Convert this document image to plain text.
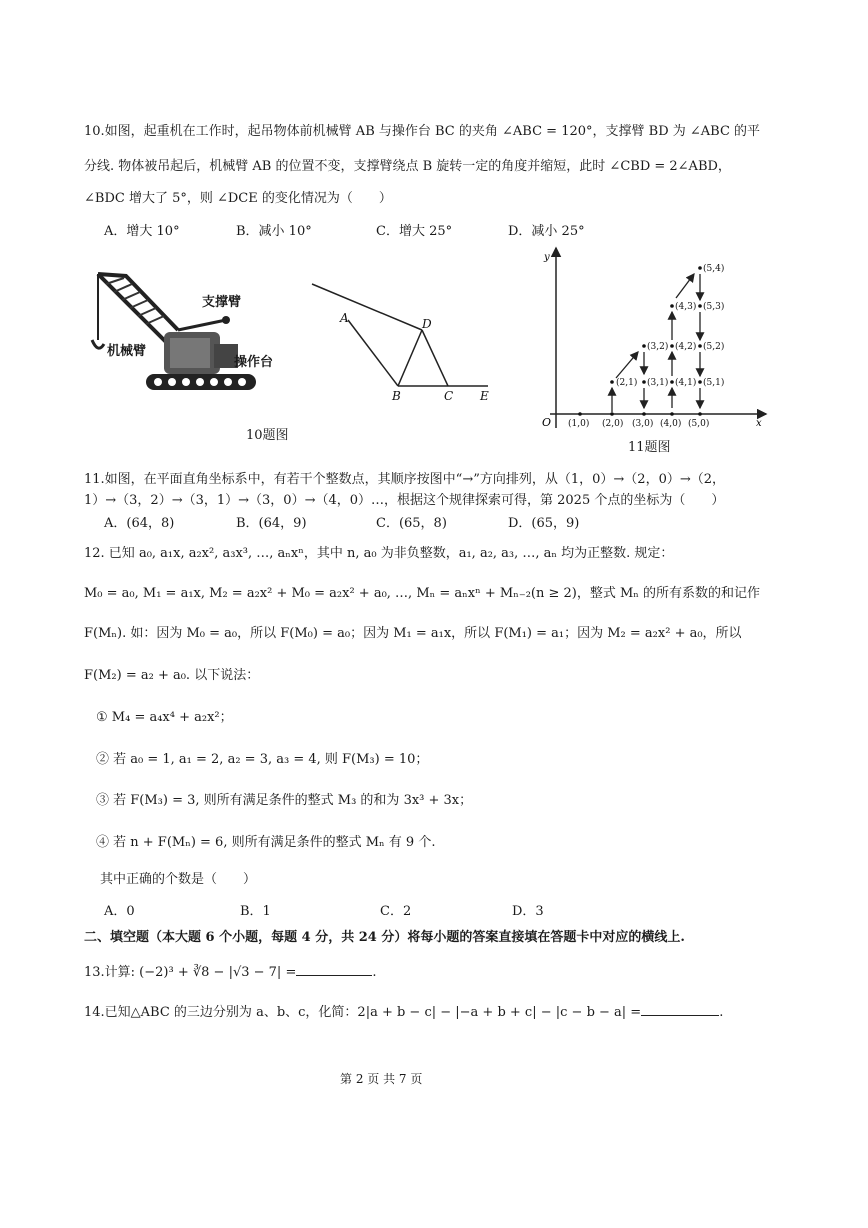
10.如图，起重机在工作时，起吊物体前机械臂 AB 与操作台 BC 的夹角 ∠ABC = 120°，支撑臂 BD 为 ∠ABC 的平
分线. 物体被吊起后，机械臂 AB 的位置不变，支撑臂绕点 B 旋转一定的角度并缩短，此时 ∠CBD = 2∠ABD，
∠BDC 增大了 5°，则 ∠DCE 的变化情况为（　　）
A．增大 10°	B．减小 10°	C．增大 25°	D．减小 25°
支撑臂
机械臂
操作台
A	D
B	C E
10题图
y
x
O (1,0) (2,0) (3,0) (4,0) (5,0)
(2,1) (3,1) (4,1) (5,1)
(3,2) (4,2) (5,2)
(4,3) (5,3)
(5,4)
11题图
11.如图，在平面直角坐标系中，有若干个整数点，其顺序按图中“→”方向排列，从（1，0）→（2，0）→（2，
1）→（3，2）→（3，1）→（3，0）→（4，0）…，根据这个规律探索可得，第 2025 个点的坐标为（　　）
A．(64，8)	B．(64，9)	C．(65，8)	D．(65，9)
12. 已知 a₀, a₁x, a₂x², a₃x³, …, aₙxⁿ，其中 n, a₀ 为非负整数，a₁, a₂, a₃, …, aₙ 均为正整数. 规定：
M₀ = a₀, M₁ = a₁x, M₂ = a₂x² + M₀ = a₂x² + a₀, …, Mₙ = aₙxⁿ + Mₙ₋₂(n ≥ 2)，整式 Mₙ 的所有系数的和记作
F(Mₙ). 如：因为 M₀ = a₀，所以 F(M₀) = a₀；因为 M₁ = a₁x，所以 F(M₁) = a₁；因为 M₂ = a₂x² + a₀，所以
F(M₂) = a₂ + a₀. 以下说法：
① M₄ = a₄x⁴ + a₂x²；
② 若 a₀ = 1, a₁ = 2, a₂ = 3, a₃ = 4, 则 F(M₃) = 10；
③ 若 F(M₃) = 3, 则所有满足条件的整式 M₃ 的和为 3x³ + 3x；
④ 若 n + F(Mₙ) = 6, 则所有满足条件的整式 Mₙ 有 9 个.
其中正确的个数是（　　）
A．0	B．1	C．2	D．3
二、填空题（本大题 6 个小题，每题 4 分，共 24 分）将每小题的答案直接填在答题卡中对应的横线上.
13.计算: (−2)³ + ∛8 − |√3 − 7| =	.
14.已知△ABC 的三边分别为 a、b、c，化简：2|a + b − c| − |−a + b + c| − |c − b − a| =	.
第 2 页 共 7 页
